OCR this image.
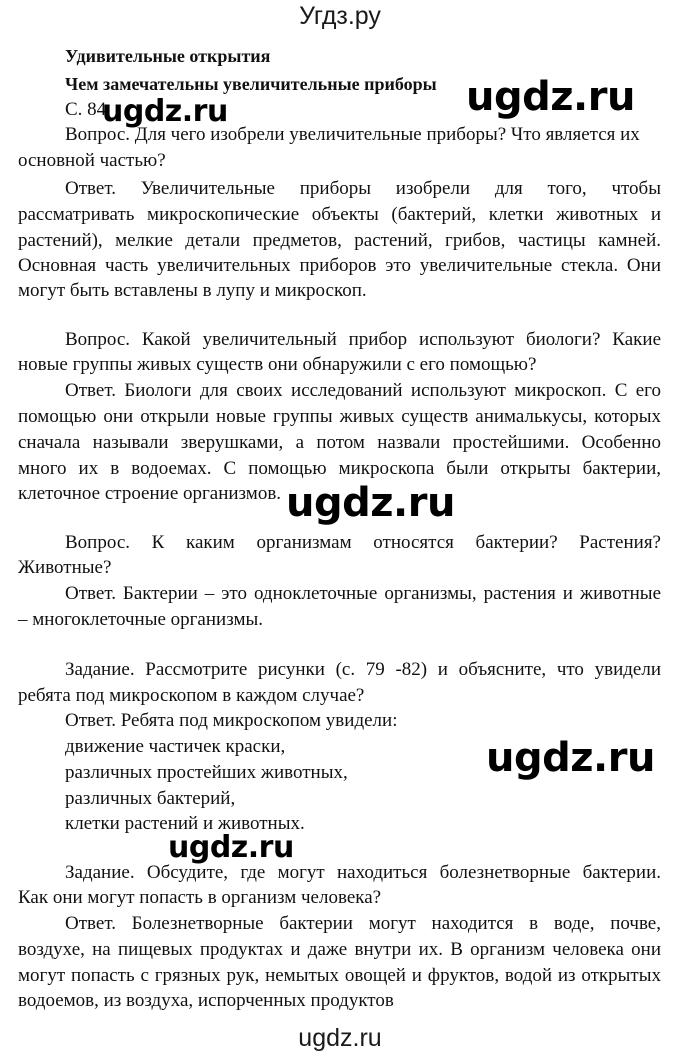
Угдз.ру
Удивительные открытия
Чем замечательны увеличительные приборы
С. 84
ugdz.ru	ugdz.ru
Вопрос. Для чего изобрели увеличительные приборы? Что является их
основной частью?
Ответ.   Увеличительные   приборы   изобрели   для   того,   чтобы
рассматривать микроскопические объекты (бактерий, клетки животных и
растений), мелкие детали предметов, растений, грибов, частицы камней.
Основная часть увеличительных приборов это увеличительные стекла. Они
могут быть вставлены в лупу и микроскоп.
Вопрос. Какой увеличительный прибор используют биологи? Какие
новые группы живых существ они обнаружили с его помощью?
Ответ. Биологи для своих исследований используют микроскоп. С его
помощью они открыли новые группы живых существ анималькусы, которых
сначала называли зверушками, а потом назвали простейшими. Особенно
много их в водоемах. С помощью микроскопа были открыты бактерии,
клеточное строение организмов. ugdz.ru
Вопрос.   К   каким   организмам   относятся   бактерии?   Растения?
Животные?
Ответ. Бактерии – это одноклеточные организмы, растения и животные
– многоклеточные организмы.
Задание. Рассмотрите рисунки (с. 79 -82) и объясните, что увидели
ребята под микроскопом в каждом случае?
Ответ. Ребята под микроскопом увидели:
движение частичек краски,
различных простейших животных,
различных бактерий,
клетки растений и животных.
ugdz.ru
ugdz.ru
Задание. Обсудите, где могут находиться болезнетворные бактерии.
Как они могут попасть в организм человека?
Ответ.  Болезнетворные  бактерии  могут  находится  в  воде,  почве,
воздухе, на пищевых продуктах и даже внутри их. В организм человека они
могут попасть с грязных рук, немытых овощей и фруктов, водой из открытых
водоемов, из воздуха, испорченных продуктов
ugdz.ru
